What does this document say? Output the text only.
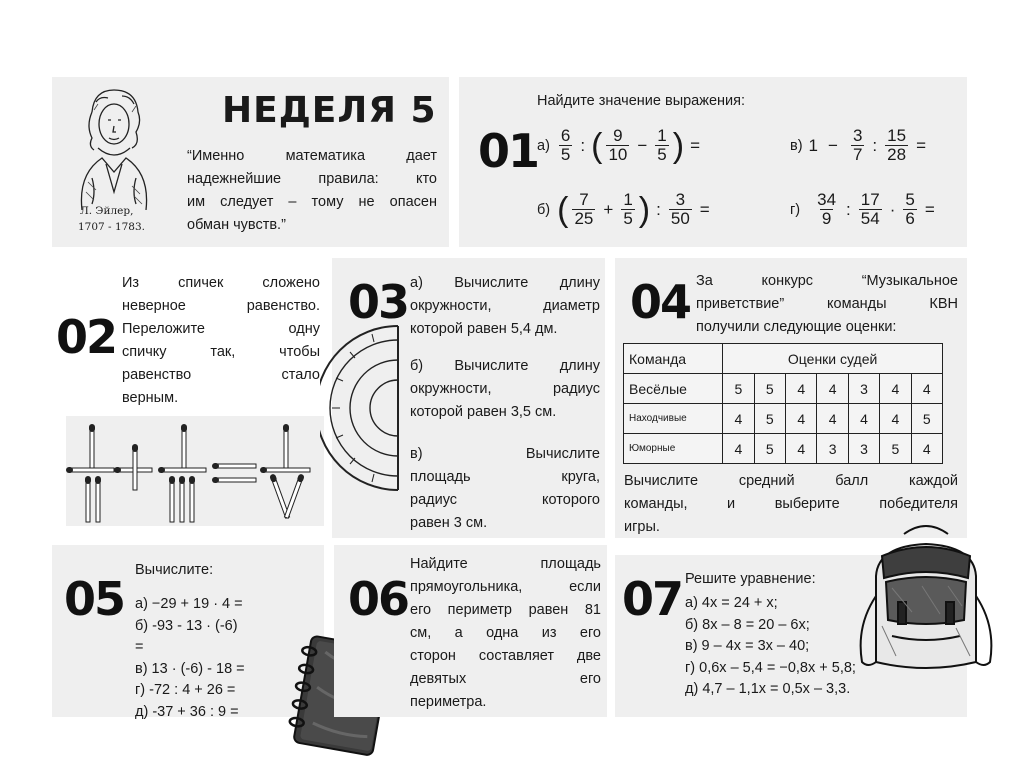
Л. Эйлер,
1707 - 1783.
НЕДЕЛЯ 5
“Именно математика дает
надежнейшие правила: кто
им следует – тому не опасен
обман чувств.”
01
Найдите значение выражения:
$а) \frac{6}{5}$ : ( $\frac{9}{10} - \frac{1}{5}$ ) =	в) $1 - \frac{3}{7}$ : $\frac{15}{28}$ =
б) ( $\frac{7}{25} + \frac{1}{5}$ ) : $\frac{3}{50}$ =	$г) \frac{34}{9}$ : $\frac{17}{54} \cdot \frac{5}{6}$ =
02
Из спичек сложено
неверное равенство.
Переложите одну
спичку так, чтобы
равенство стало
верным.
03 а) Вычислите длину
окружности, диаметр
которой равен 5,4 дм.
б) Вычислите длину
окружности, радиус
которой равен 3,5 см.
в) Вычислите
площадь круга,
радиус которого
равен 3 см.
04 За конкурс “Музыкальное
приветствие” команды КВН
получили следующие оценки:
Команда	Оценки судей						
Весёлые	5	5	4	4	3	4	4
Находчивые	4	5	4	4	4	4	5
Юморные	4	5	4	3	3	5	4
Вычислите средний балл каждой
команды, и выберите победителя
игры.
05
Вычислите:
а) −29 + 19 · 4 =
б) -93 - 13 · (-6)
=
в) 13 · (-6) - 18 =
г) -72 : 4 + 26 =
д) -37 + 36 : 9 =
06
Найдите площадь
прямоугольника, если
его периметр равен 81
см, а одна из его
сторон составляет две
девятых его
периметра.
07 Решите уравнение:
а) 4x = 24 + x;
б) 8x – 8 = 20 – 6x;
в) 9 – 4x = 3x – 40;
г) 0,6x – 5,4 = −0,8x + 5,8;
д) 4,7 – 1,1x = 0,5x – 3,3.
